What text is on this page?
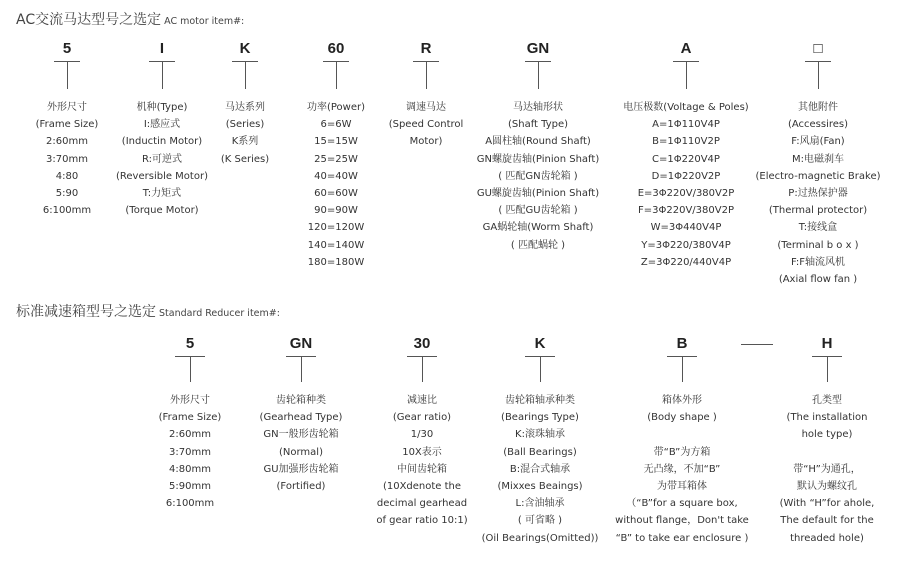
AC交流马达型号之选定 AC motor item#:
5
外形尺寸
(Frame Size)
2:60mm
3:70mm
4:80
5:90
6:100mm
I
机种(Type)
I:感应式
(Inductin Motor)
R:可逆式
(Reversible Motor)
T:力矩式
(Torque Motor)
K
马达系列
(Series)
K系列
(K Series)
60
功率(Power)
6=6W
15=15W
25=25W
40=40W
60=60W
90=90W
120=120W
140=140W
180=180W
R
调速马达
(Speed Control
Motor)
GN
马达轴形状
(Shaft Type)
A圆柱轴(Round Shaft)
GN螺旋齿轴(Pinion Shaft)
( 匹配GN齿轮箱 )
GU螺旋齿轴(Pinion Shaft)
( 匹配GU齿轮箱 )
GA蜗轮轴(Worm Shaft)
( 匹配蜗轮 )
A
电压极数(Voltage & Poles)
A=1Φ110V4P
B=1Φ110V2P
C=1Φ220V4P
D=1Φ220V2P
E=3Φ220V/380V2P
F=3Φ220V/380V2P
W=3Φ440V4P
Y=3Φ220/380V4P
Z=3Φ220/440V4P
□
其他附件
(Accessires)
F:风扇(Fan)
M:电磁刹车
(Electro-magnetic Brake)
P:过热保护器
(Thermal protector)
T:接线盒
(Terminal b o x )
F:F轴流风机
(Axial flow fan )
标准减速箱型号之选定 Standard Reducer item#:
5
外形尺寸
(Frame Size)
2:60mm
3:70mm
4:80mm
5:90mm
6:100mm
GN
齿轮箱种类
(Gearhead Type)
GN一般形齿轮箱
(Normal)
GU加强形齿轮箱
(Fortified)
30
减速比
(Gear ratio)
1/30
10X表示
中间齿轮箱
(10Xdenote the
decimal gearhead
of gear ratio 10:1)
K
齿轮箱轴承种类
(Bearings Type)
K:滚珠轴承
(Ball Bearings)
B:混合式轴承
(Mixxes Beaings)
L:含油轴承
( 可省略 )
(Oil Bearings(Omitted))
B
箱体外形
(Body shape )
带“B”为方箱
无凸缘，不加“B”
为带耳箱体
（“B”for a square box,
without flange，Don't take
“B” to take ear enclosure )
H
孔类型
(The installation
hole type)
带“H”为通孔，
默认为螺纹孔
(With “H”for ahole,
The default for the
threaded hole)
